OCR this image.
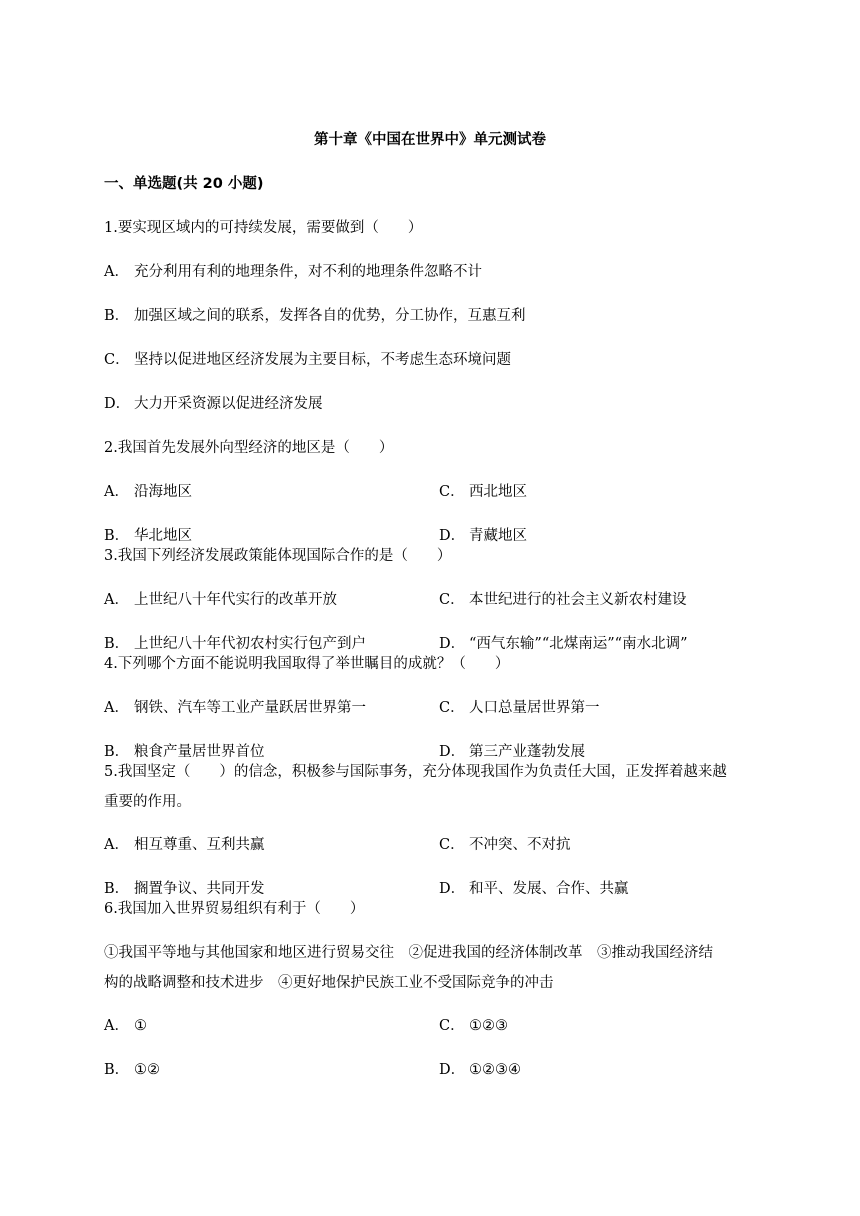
第十章《中国在世界中》单元测试卷
一、单选题(共 20 小题)
1.要实现区域内的可持续发展，需要做到（　　）
A． 充分利用有利的地理条件，对不利的地理条件忽略不计
B． 加强区域之间的联系，发挥各自的优势，分工协作，互惠互利
C． 坚持以促进地区经济发展为主要目标，不考虑生态环境问题
D． 大力开采资源以促进经济发展
2.我国首先发展外向型经济的地区是（　　）
A． 沿海地区	C． 西北地区
B． 华北地区	D． 青藏地区
3.我国下列经济发展政策能体现国际合作的是（　　）
A． 上世纪八十年代实行的改革开放	C． 本世纪进行的社会主义新农村建设
B． 上世纪八十年代初农村实行包产到户	D． “西气东输”“北煤南运”“南水北调”
4.下列哪个方面不能说明我国取得了举世瞩目的成就？（　　）
A． 钢铁、汽车等工业产量跃居世界第一	C． 人口总量居世界第一
B． 粮食产量居世界首位	D． 第三产业蓬勃发展
5.我国坚定（　　）的信念，积极参与国际事务，充分体现我国作为负责任大国，正发挥着越来越
重要的作用。
A． 相互尊重、互利共赢	C． 不冲突、不对抗
B． 搁置争议、共同开发	D． 和平、发展、合作、共赢
6.我国加入世界贸易组织有利于（　　）
①我国平等地与其他国家和地区进行贸易交往　②促进我国的经济体制改革　③推动我国经济结
构的战略调整和技术进步　④更好地保护民族工业不受国际竞争的冲击
A． ①	C． ①②③
B． ①②	D． ①②③④
